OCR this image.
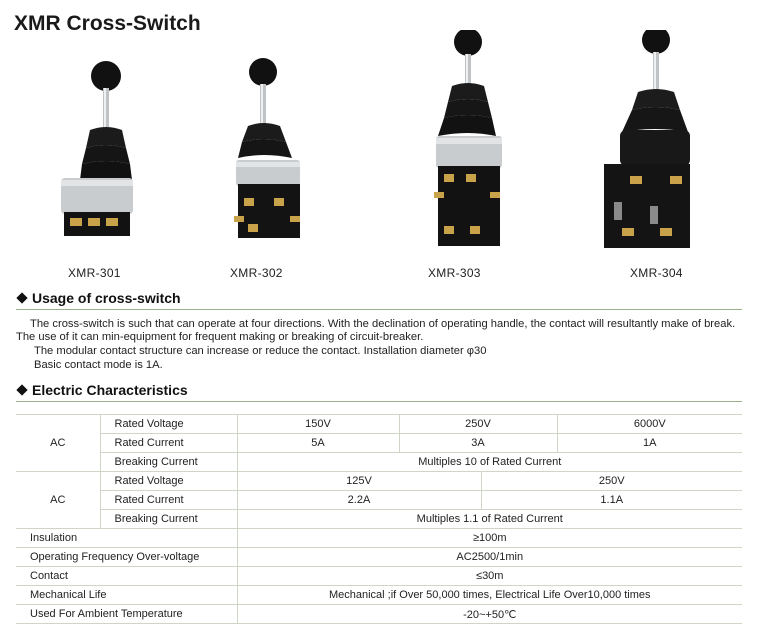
XMR Cross-Switch
XMR-301	XMR-302	XMR-303	XMR-304
Usage of cross-switch
The cross-switch is such that can operate at four directions. With the declination of operating handle, the contact will resultantly make of break.
The use of it can min-equipment for frequent making or breaking of circuit-breaker.
The modular contact structure can increase or reduce the contact. Installation diameter φ30
Basic contact mode is 1A.
Electric Characteristics
AC	Rated Voltage	150V	250V		6000V
	Rated Current	5A	3A		1A
	Breaking Current	Multiples 10 of Rated Current			
AC	Rated Voltage	125V		250V	
	Rated Current	2.2A		1.1A	
	Breaking Current	Multiples 1.1 of Rated Current			
Insulation		≥100m			
Operating Frequency Over-voltage		AC2500/1min			
Contact		≤30m			
Mechanical Life		Mechanical ;if Over 50,000 times, Electrical Life Over10,000 times			
Used For Ambient Temperature		-20~+50℃			
